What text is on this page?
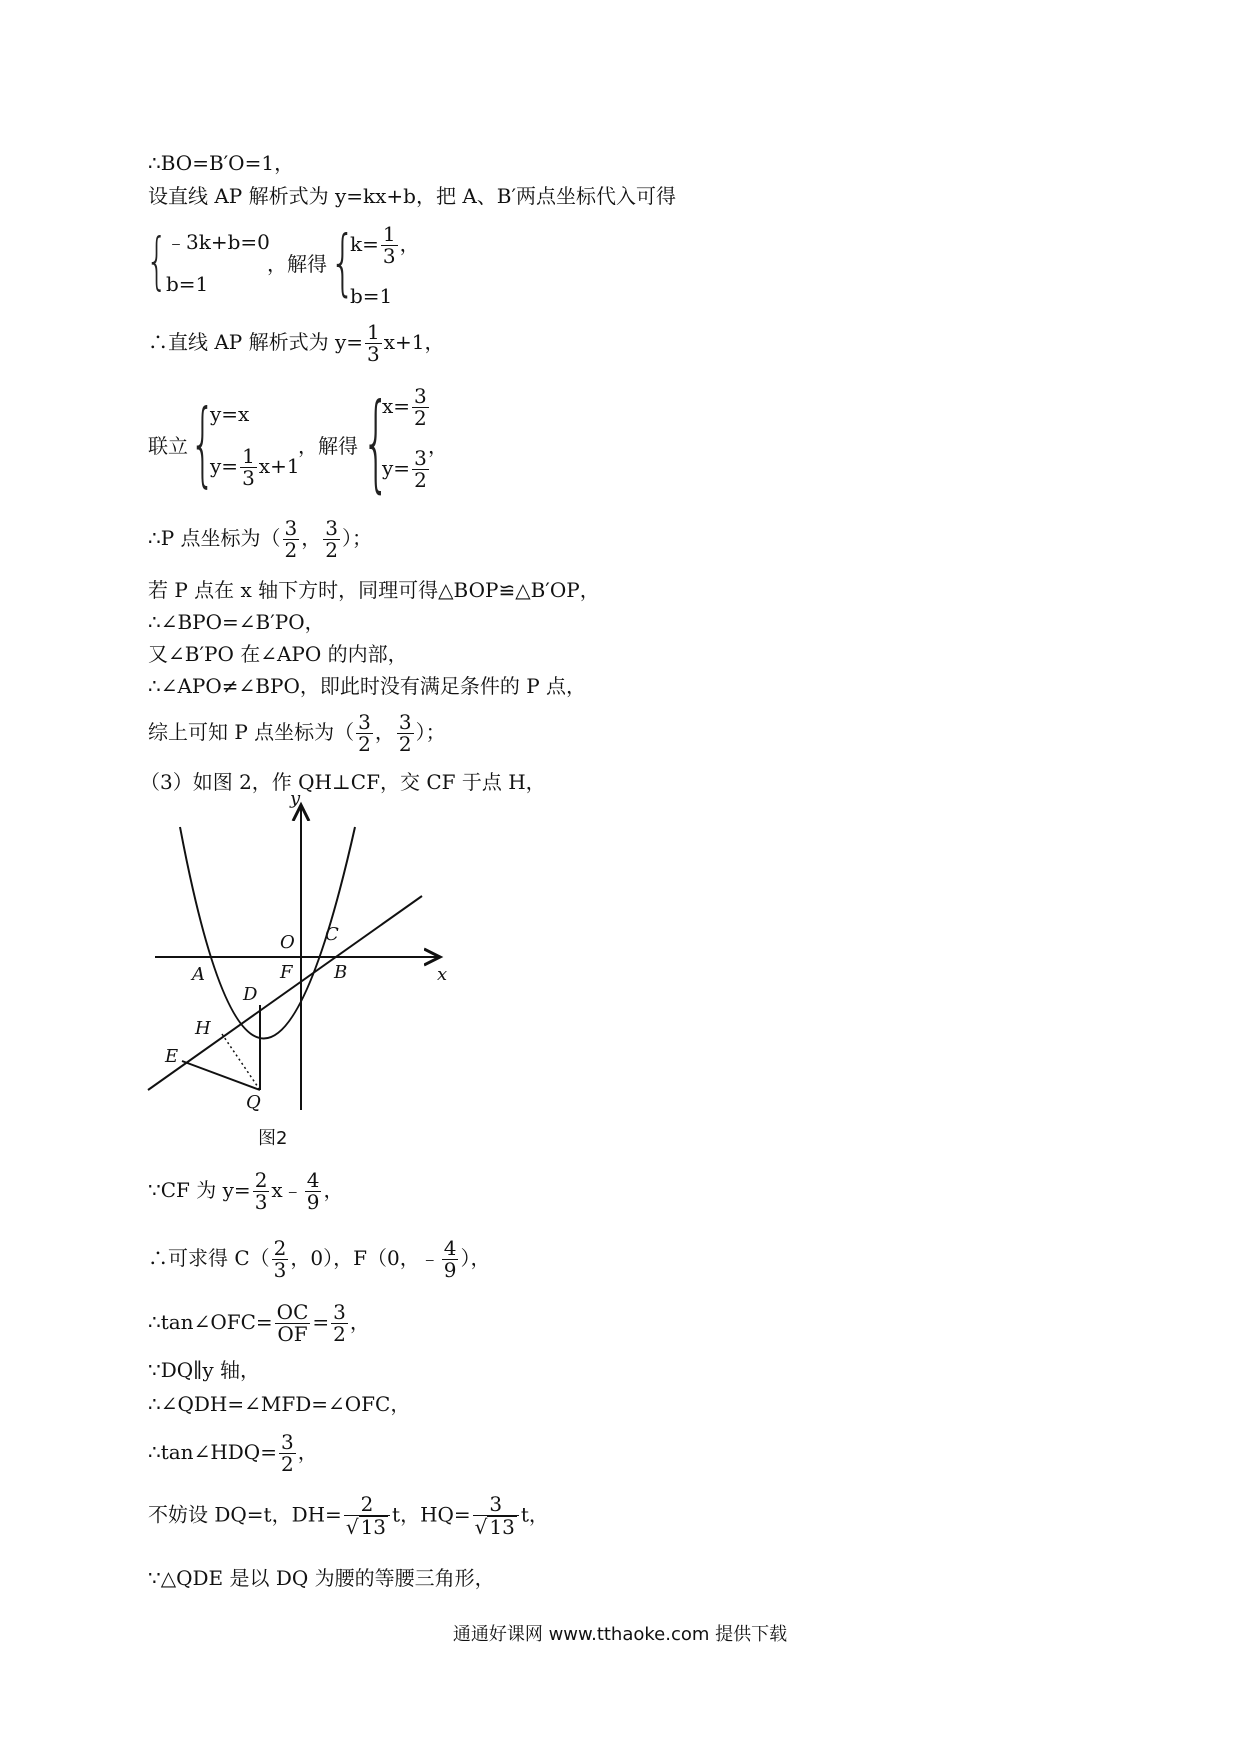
∴BO=B′O=1，
设直线 AP 解析式为 y=kx+b，把 A、B′两点坐标代入可得
{
﹣3k+b=0
b=1
，解得 {
$k= \frac{1}{3}$ ，
b=1
∴直线 AP 解析式为 $y= \frac{1}{3} x+1$，
联立 {
y=x
$y= \frac{1}{3} x+1$
，解得 {
$x= \frac{3}{2}$
$y= \frac{3}{2}$
，
∴P 点坐标为（ $\frac{3}{2}$ ， $\frac{3}{2}$ ）；
若 P 点在 x 轴下方时，同理可得△BOP≌△B′OP，
∴∠BPO=∠B′PO，
又∠B′PO 在∠APO 的内部，
∴∠APO≠∠BPO，即此时没有满足条件的 P 点，
综上可知 P 点坐标为（ $\frac{3}{2}$ ， $\frac{3}{2}$ ）；
（3）如图 2，作 QH⊥CF，交 CF 于点 H，
y
x
O C
A	F B
D
H
E
Q
图2
∵CF 为 $y= \frac{2}{3}$ x﹣ $\frac{4}{9}$ ，
∴可求得 $C( \frac{2}{3}$ ，0），F（0，﹣ $\frac{4}{9}$ ），
∴tan∠OFC= $\frac{OC}{OF} = \frac{3}{2}$ ，
∵DQ∥y 轴，
∴∠QDH=∠MFD=∠OFC，
∴tan∠HDQ= $\frac{3}{2}$ ，
不妨设 DQ=t，$DH= \frac{2}{√ 13}$ t，$HQ= \frac{3}{√ 13}$ t，
∵△QDE 是以 DQ 为腰的等腰三角形，
通通好课网 www.tthaoke.com 提供下载
